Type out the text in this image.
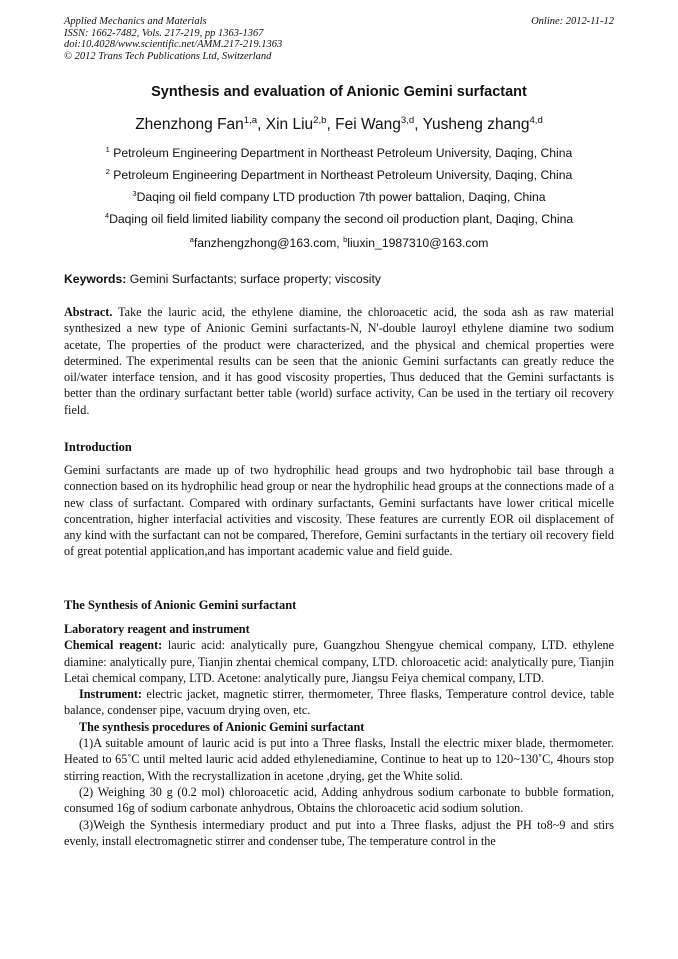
Applied Mechanics and Materials
ISSN: 1662-7482, Vols. 217-219, pp 1363-1367
doi:10.4028/www.scientific.net/AMM.217-219.1363
© 2012 Trans Tech Publications Ltd, Switzerland
Online: 2012-11-12
Synthesis and evaluation of Anionic Gemini surfactant
Zhenzhong Fan$^{1,a}$, Xin Liu$^{2,b}$, Fei Wang$^{3,d}$, Yusheng zhang$^{4,d}$
$^1$ Petroleum Engineering Department in Northeast Petroleum University, Daqing, China
$^2$ Petroleum Engineering Department in Northeast Petroleum University, Daqing, China
$^3$Daqing oil field company LTD production 7th power battalion, Daqing, China
$^4$Daqing oil field limited liability company the second oil production plant, Daqing, China
$^a$fanzhengzhong@163.com, $^b$liuxin_1987310@163.com
Keywords: Gemini Surfactants; surface property; viscosity

Abstract. Take the lauric acid, the ethylene diamine, the chloroacetic acid, the soda ash as raw material synthesized a new type of Anionic Gemini surfactants-N, N'-double lauroyl ethylene diamine two sodium acetate, The properties of the product were characterized, and the physical and chemical properties were determined. The experimental results can be seen that the anionic Gemini surfactants can greatly reduce the oil/water interface tension, and it has good viscosity properties, Thus deduced that the Gemini surfactants is better than the ordinary surfactant better table (world) surface activity, Can be used in the tertiary oil recovery field.

Introduction

Gemini surfactants are made up of two hydrophilic head groups and two hydrophobic tail base through a connection based on its hydrophilic head group or near the hydrophilic head groups at the connections made of a new class of surfactant. Compared with ordinary surfactants, Gemini surfactants have lower critical micelle concentration, higher interfacial activities and viscosity. These features are currently EOR oil displacement of any kind with the surfactant can not be compared, Therefore, Gemini surfactants in the tertiary oil recovery field of great potential application,and has important academic value and field guide.

The Synthesis of Anionic Gemini surfactant

Laboratory reagent and instrument

Chemical reagent: lauric acid: analytically pure, Guangzhou Shengyue chemical company, LTD. ethylene diamine: analytically pure, Tianjin zhentai chemical company, LTD. chloroacetic acid: analytically pure, Tianjin Letai chemical company, LTD. Acetone: analytically pure, Jiangsu Feiya chemical company, LTD.

Instrument: electric jacket, magnetic stirrer, thermometer, Three flasks, Temperature control device, table balance, condenser pipe, vacuum drying oven, etc.

The synthesis procedures of Anionic Gemini surfactant

(1)A suitable amount of lauric acid is put into a Three flasks, Install the electric mixer blade, thermometer. Heated to 65˚C until melted lauric acid added ethylenediamine, Continue to heat up to 120~130˚C, 4hours stop stirring reaction, With the recrystallization in acetone ,drying, get the White solid.

(2) Weighing 30 g (0.2 mol) chloroacetic acid, Adding anhydrous sodium carbonate to bubble formation, consumed 16g of sodium carbonate anhydrous, Obtains the chloroacetic acid sodium solution.

(3)Weigh the Synthesis intermediary product and put into a Three flasks, adjust the PH to8~9 and stirs evenly, install electromagnetic stirrer and condenser tube, The temperature control in the
